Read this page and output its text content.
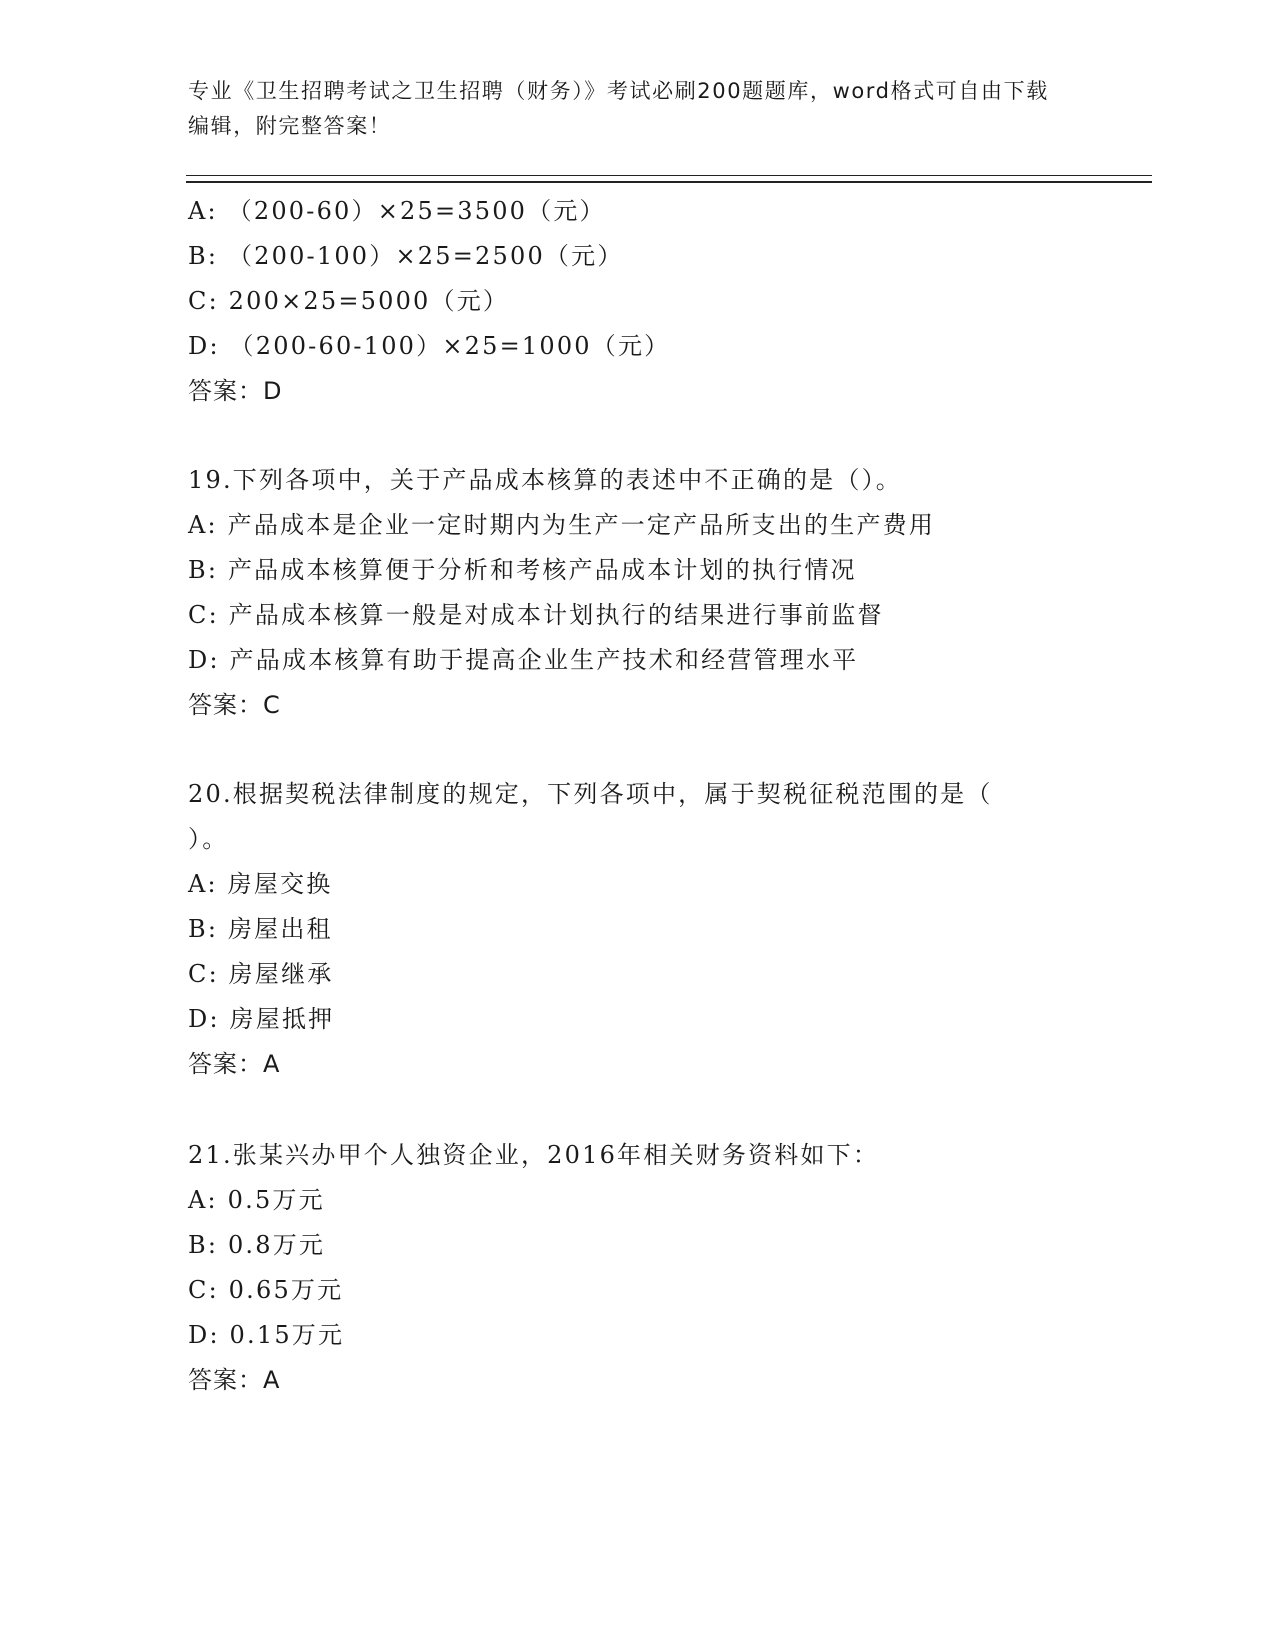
专业《卫生招聘考试之卫生招聘（财务）》考试必刷200题题库，word格式可自由下载编辑，附完整答案！
A: （200-60）×25=3500（元）
B: （200-100）×25=2500（元）
C: 200×25=5000（元）
D: （200-60-100）×25=1000（元）
答案：D
19.下列各项中，关于产品成本核算的表述中不正确的是（）。
A: 产品成本是企业一定时期内为生产一定产品所支出的生产费用
B: 产品成本核算便于分析和考核产品成本计划的执行情况
C: 产品成本核算一般是对成本计划执行的结果进行事前监督
D: 产品成本核算有助于提高企业生产技术和经营管理水平
答案：C
20.根据契税法律制度的规定，下列各项中，属于契税征税范围的是（
）。
A: 房屋交换
B: 房屋出租
C: 房屋继承
D: 房屋抵押
答案：A
21.张某兴办甲个人独资企业，2016年相关财务资料如下：
A: 0.5万元
B: 0.8万元
C: 0.65万元
D: 0.15万元
答案：A
